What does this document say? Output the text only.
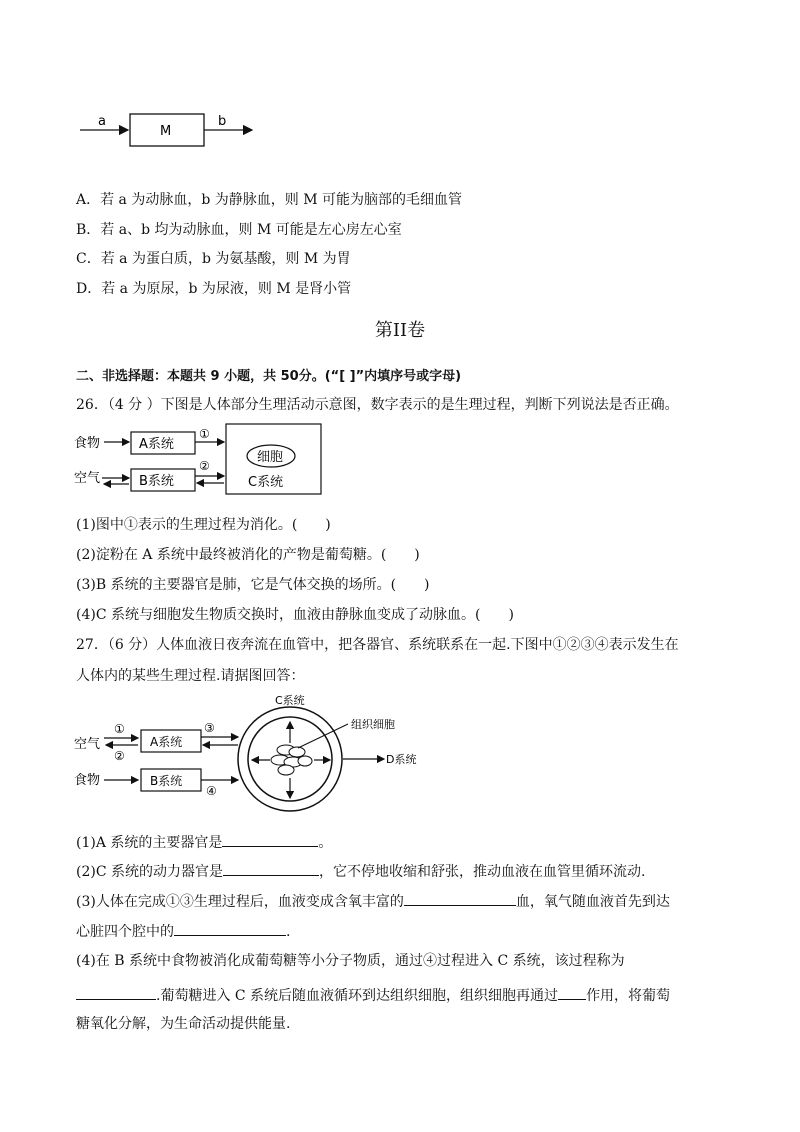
a
M
b
A．若 a 为动脉血，b 为静脉血，则 M 可能为脑部的毛细血管
B．若 a、b 均为动脉血，则 M 可能是左心房左心室
C．若 a 为蛋白质，b 为氨基酸，则 M 为胃
D．若 a 为原尿，b 为尿液，则 M 是肾小管
第II卷
二、非选择题：本题共 9 小题，共 50分。(“[ ]”内填序号或字母)
26．（4 分 ）下图是人体部分生理活动示意图，数字表示的是生理过程，判断下列说法是否正确。
食物	A系统
①
空气	B系统
②
细胞
C系统
(1)图中①表示的生理过程为消化。(　　)
(2)淀粉在 A 系统中最终被消化的产物是葡萄糖。(　　)
(3)B 系统的主要器官是肺，它是气体交换的场所。(　　)
(4)C 系统与细胞发生物质交换时，血液由静脉血变成了动脉血。(　　)
27．（6 分）人体血液日夜奔流在血管中，把各器官、系统联系在一起.下图中①②③④表示发生在
人体内的某些生理过程.请据图回答：
空气
①
②
A系统
③
食物	B系统
④
C系统
组织细胞
D系统
(1)A 系统的主要器官是	。
(2)C 系统的动力器官是	，它不停地收缩和舒张，推动血液在血管里循环流动.
(3)人体在完成①③生理过程后，血液变成含氧丰富的	血，氧气随血液首先到达
心脏四个腔中的	.
(4)在 B 系统中食物被消化成葡萄糖等小分子物质，通过④过程进入 C 系统，该过程称为
.葡萄糖进入 C 系统后随血液循环到达组织细胞，组织细胞再通过 作用，将葡萄
糖氧化分解，为生命活动提供能量.
